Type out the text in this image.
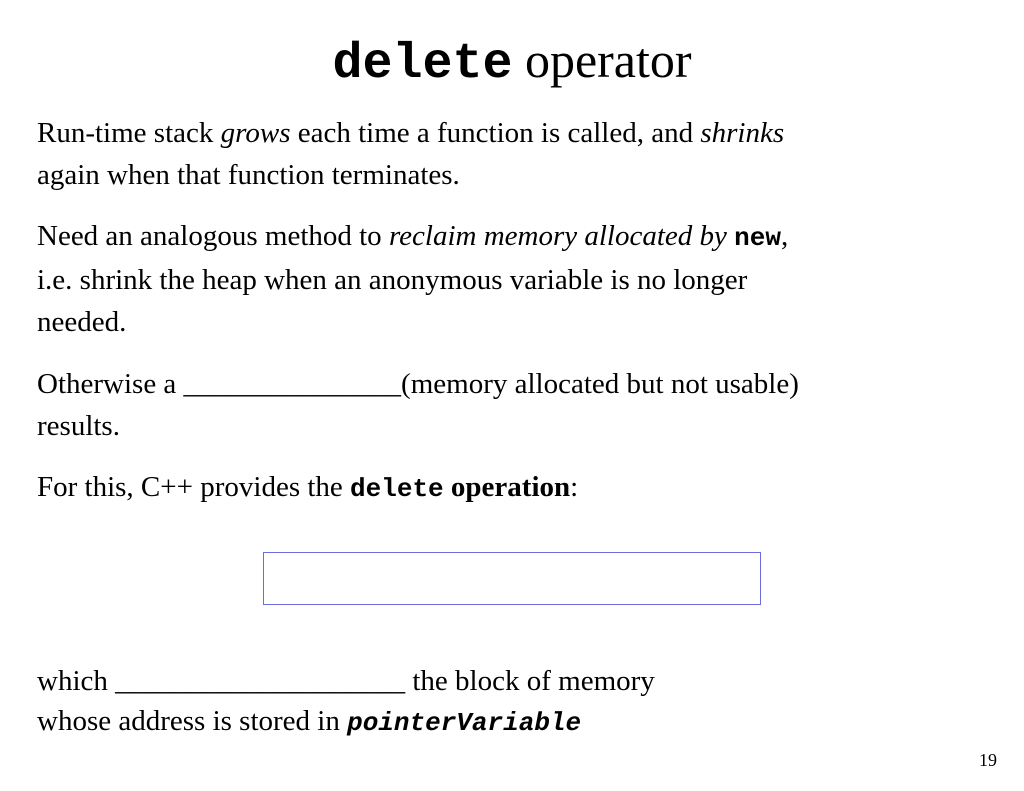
delete operator
Run-time stack grows each time a function is called, and shrinks
again when that function terminates.
Need an analogous method to reclaim memory allocated by new,
i.e. shrink the heap when an anonymous variable is no longer
needed.
Otherwise a _______________(memory allocated but not usable)
results.
For this, C++ provides the delete operation:
which ____________________ the block of memory
whose address is stored in pointerVariable
19
